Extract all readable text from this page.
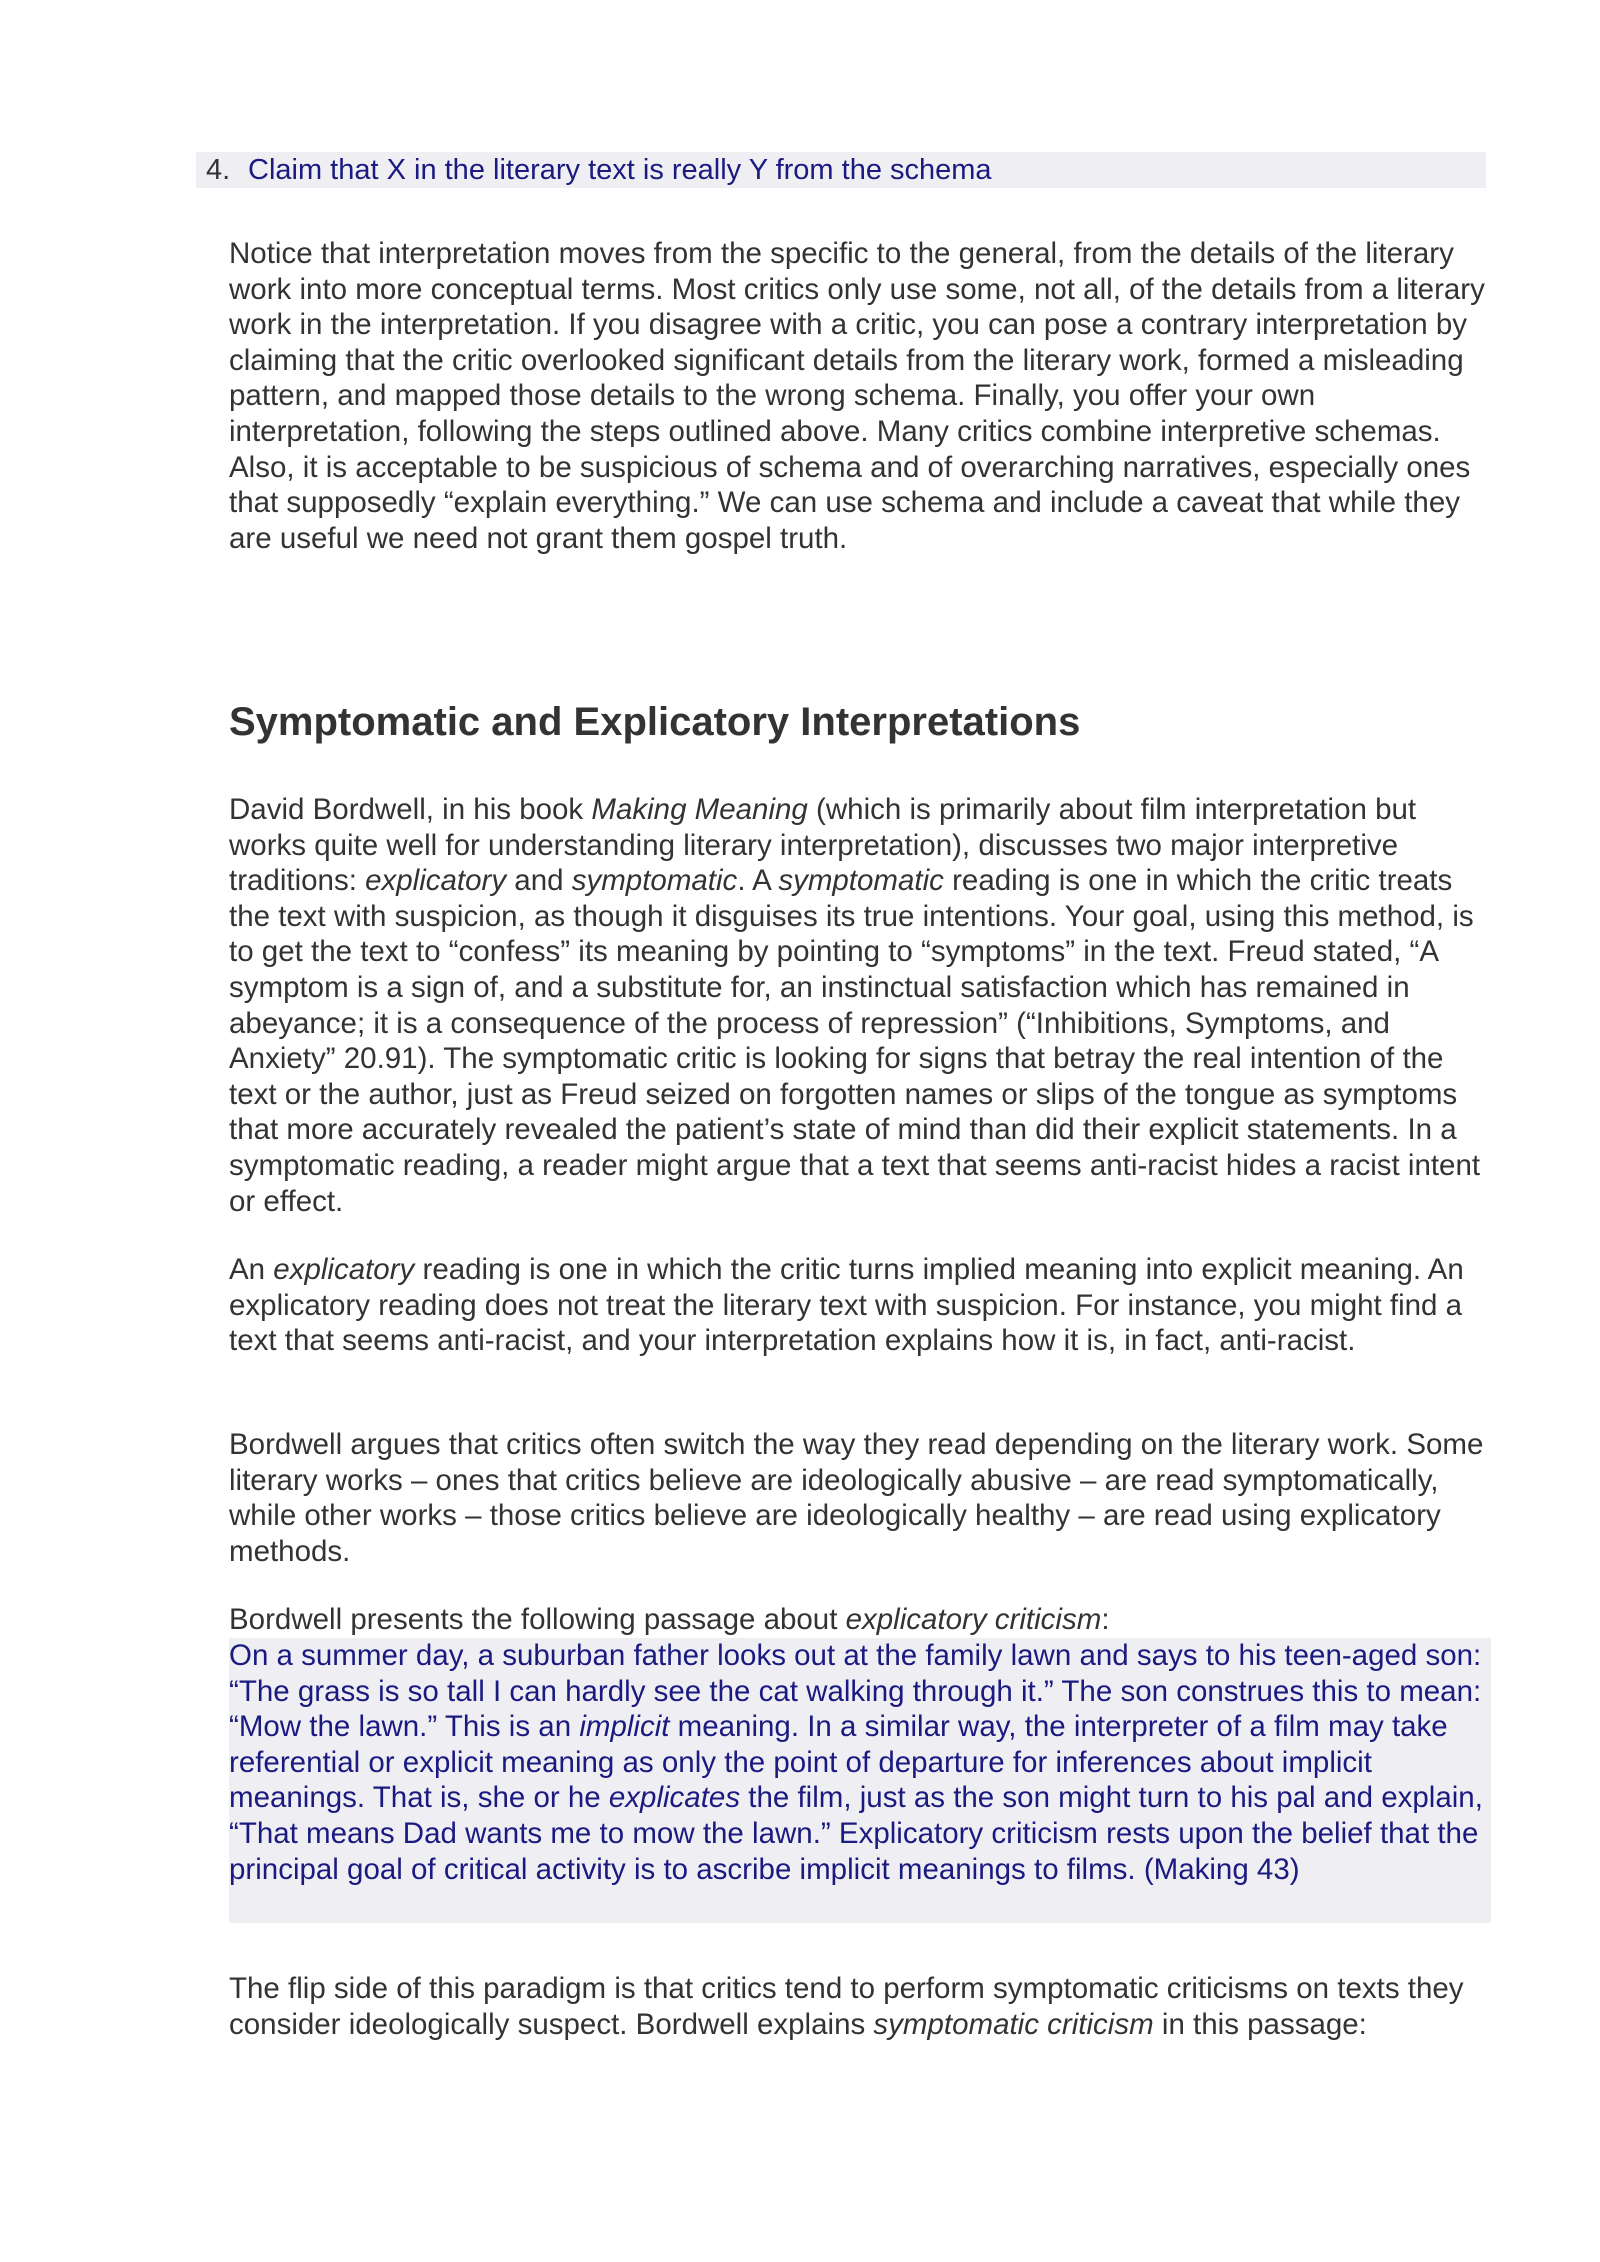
4. Claim that X in the literary text is really Y from the schema

Notice that interpretation moves from the specific to the general, from the details of the literary work into more conceptual terms. Most critics only use some, not all, of the details from a literary work in the interpretation. If you disagree with a critic, you can pose a contrary interpretation by claiming that the critic overlooked significant details from the literary work, formed a misleading pattern, and mapped those details to the wrong schema. Finally, you offer your own interpretation, following the steps outlined above. Many critics combine interpretive schemas. Also, it is acceptable to be suspicious of schema and of overarching narratives, especially ones that supposedly “explain everything.” We can use schema and include a caveat that while they are useful we need not grant them gospel truth.

Symptomatic and Explicatory Interpretations

David Bordwell, in his book Making Meaning (which is primarily about film interpretation but works quite well for understanding literary interpretation), discusses two major interpretive traditions: explicatory and symptomatic. A symptomatic reading is one in which the critic treats the text with suspicion, as though it disguises its true intentions. Your goal, using this method, is to get the text to “confess” its meaning by pointing to “symptoms” in the text. Freud stated, “A symptom is a sign of, and a substitute for, an instinctual satisfaction which has remained in abeyance; it is a consequence of the process of repression” (“Inhibitions, Symptoms, and Anxiety” 20.91). The symptomatic critic is looking for signs that betray the real intention of the text or the author, just as Freud seized on forgotten names or slips of the tongue as symptoms that more accurately revealed the patient’s state of mind than did their explicit statements. In a symptomatic reading, a reader might argue that a text that seems anti-racist hides a racist intent or effect.

An explicatory reading is one in which the critic turns implied meaning into explicit meaning. An explicatory reading does not treat the literary text with suspicion. For instance, you might find a text that seems anti-racist, and your interpretation explains how it is, in fact, anti-racist.

Bordwell argues that critics often switch the way they read depending on the literary work. Some literary works – ones that critics believe are ideologically abusive – are read symptomatically, while other works – those critics believe are ideologically healthy – are read using explicatory methods.

Bordwell presents the following passage about explicatory criticism:

On a summer day, a suburban father looks out at the family lawn and says to his teen-aged son: “The grass is so tall I can hardly see the cat walking through it.” The son construes this to mean: “Mow the lawn.” This is an implicit meaning. In a similar way, the interpreter of a film may take referential or explicit meaning as only the point of departure for inferences about implicit meanings. That is, she or he explicates the film, just as the son might turn to his pal and explain, “That means Dad wants me to mow the lawn.” Explicatory criticism rests upon the belief that the principal goal of critical activity is to ascribe implicit meanings to films. (Making 43)

The flip side of this paradigm is that critics tend to perform symptomatic criticisms on texts they consider ideologically suspect. Bordwell explains symptomatic criticism in this passage:
